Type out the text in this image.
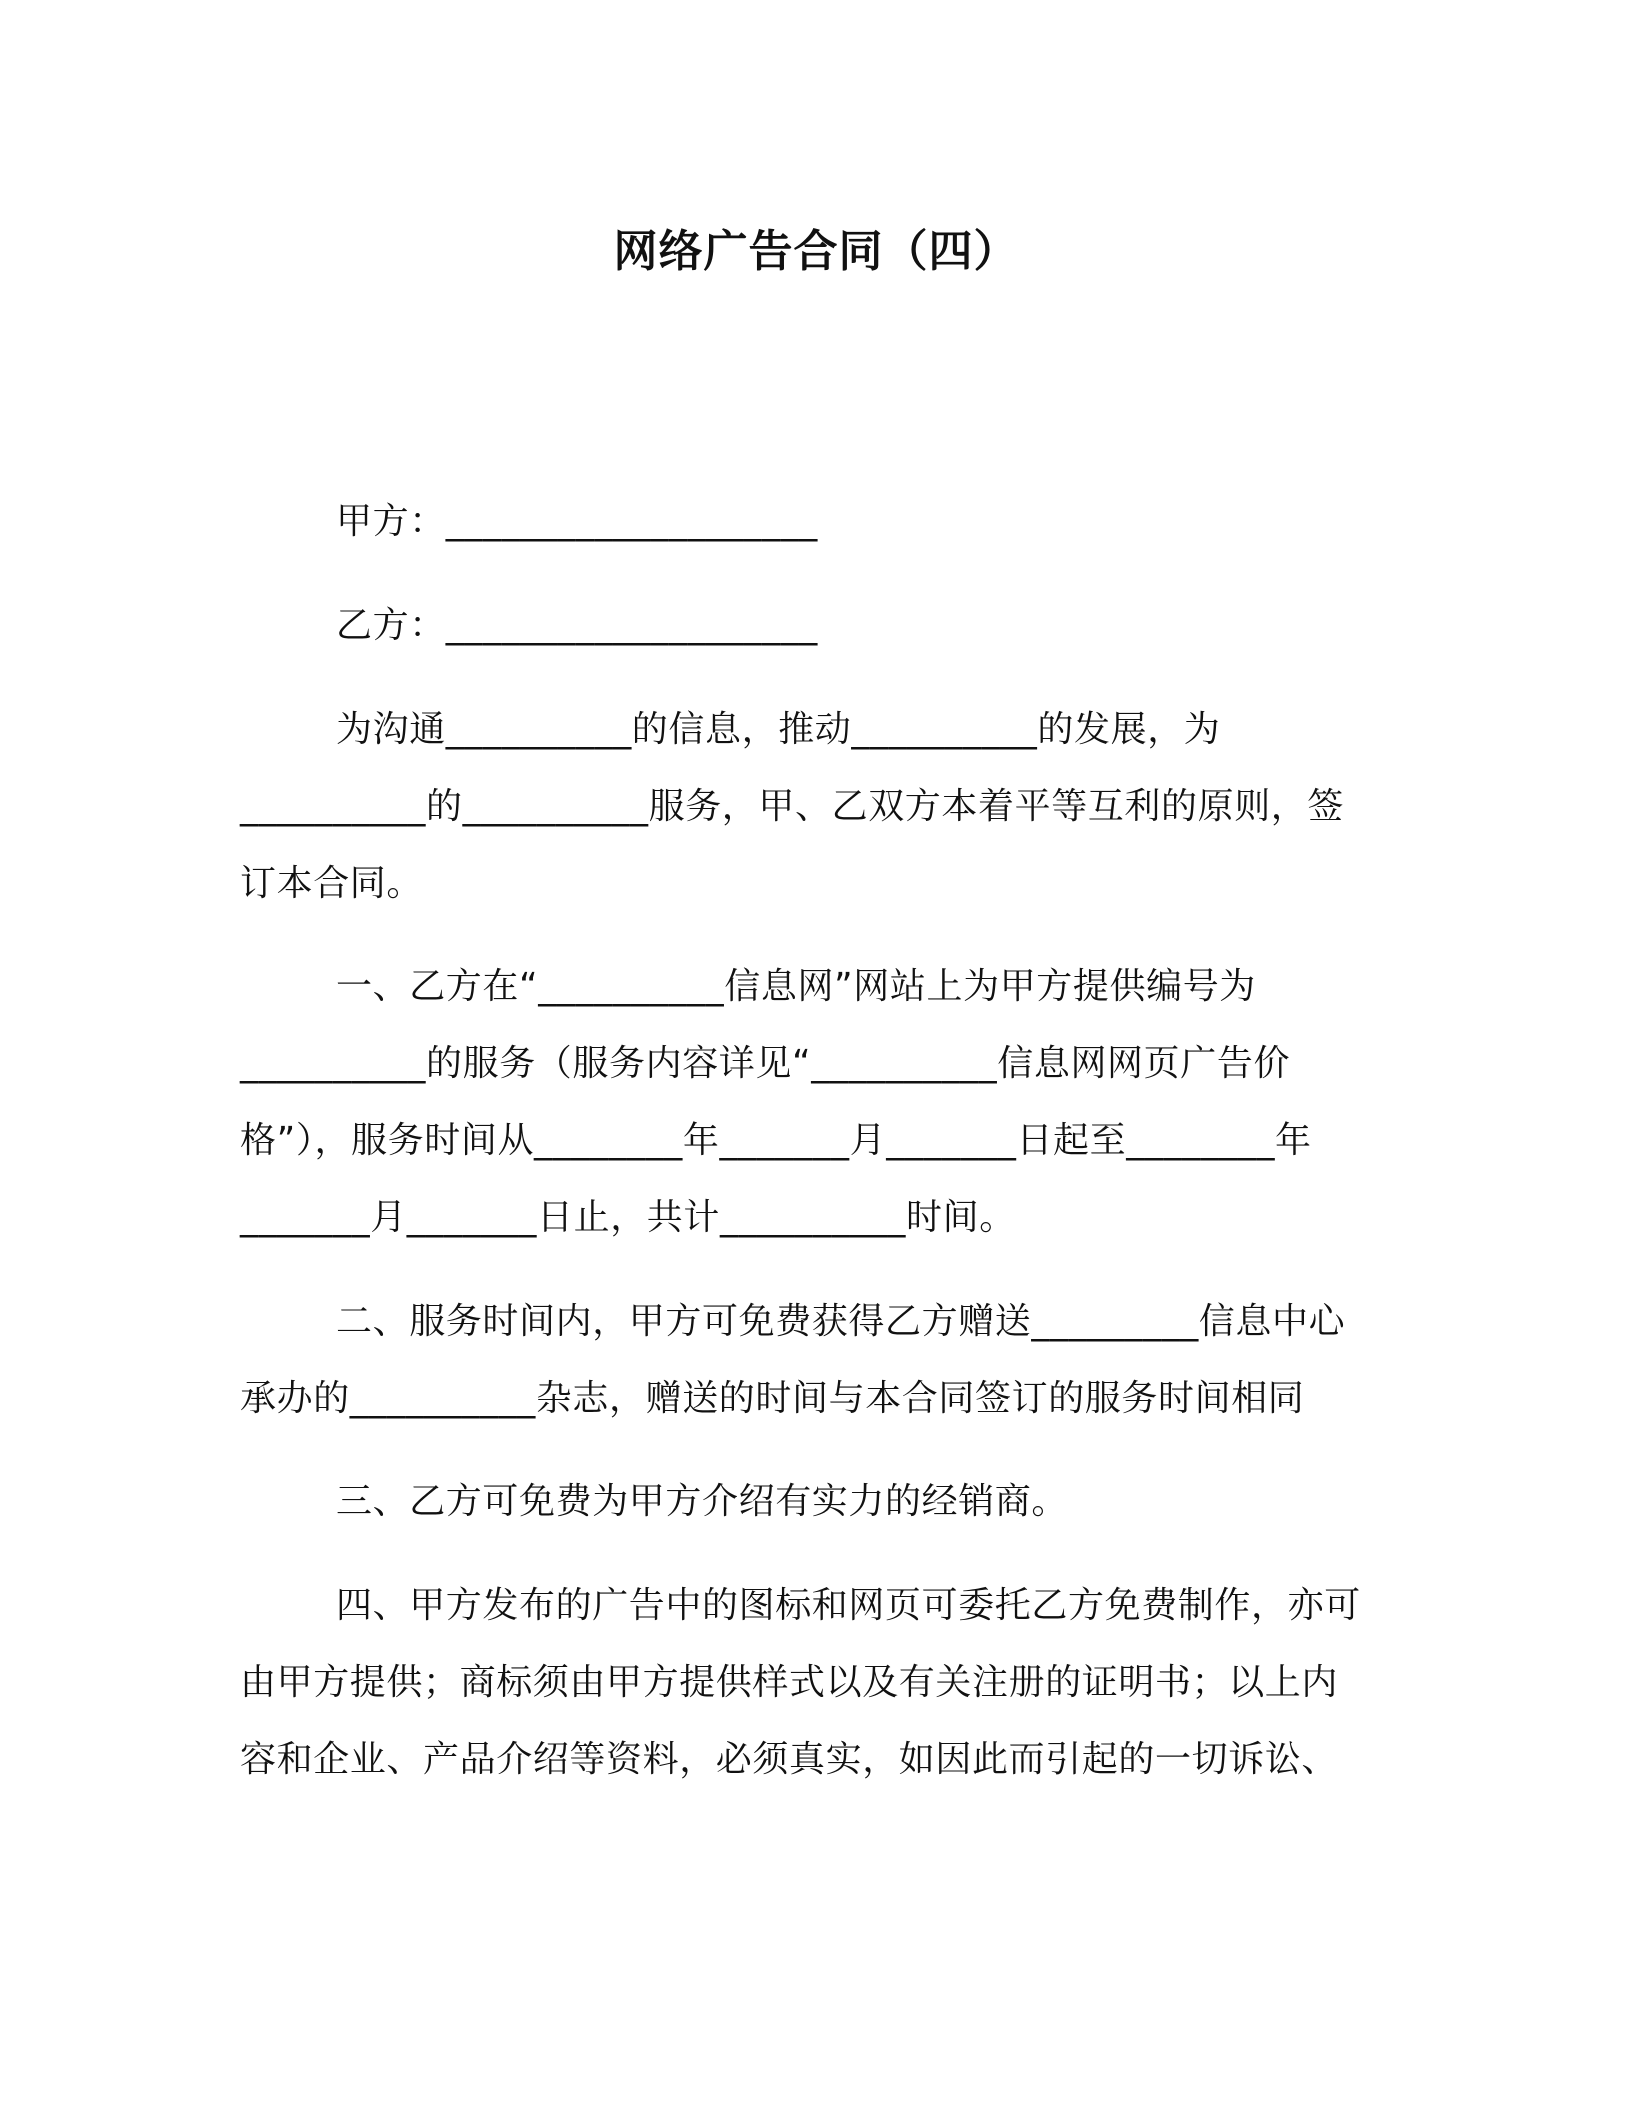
网络广告合同（四）
甲方：____________________
乙方：____________________
为沟通__________的信息，推动__________的发展，为
__________的__________服务，甲、乙双方本着平等互利的原则，签
订本合同。
一、乙方在“__________信息网”网站上为甲方提供编号为
__________的服务（服务内容详见“__________信息网网页广告价
格”），服务时间从________年_______月_______日起至________年
_______月_______日止，共计__________时间。
二、服务时间内，甲方可免费获得乙方赠送_________信息中心
承办的__________杂志，赠送的时间与本合同签订的服务时间相同
三、乙方可免费为甲方介绍有实力的经销商。
四、甲方发布的广告中的图标和网页可委托乙方免费制作，亦可
由甲方提供；商标须由甲方提供样式以及有关注册的证明书；以上内
容和企业、产品介绍等资料，必须真实，如因此而引起的一切诉讼、
